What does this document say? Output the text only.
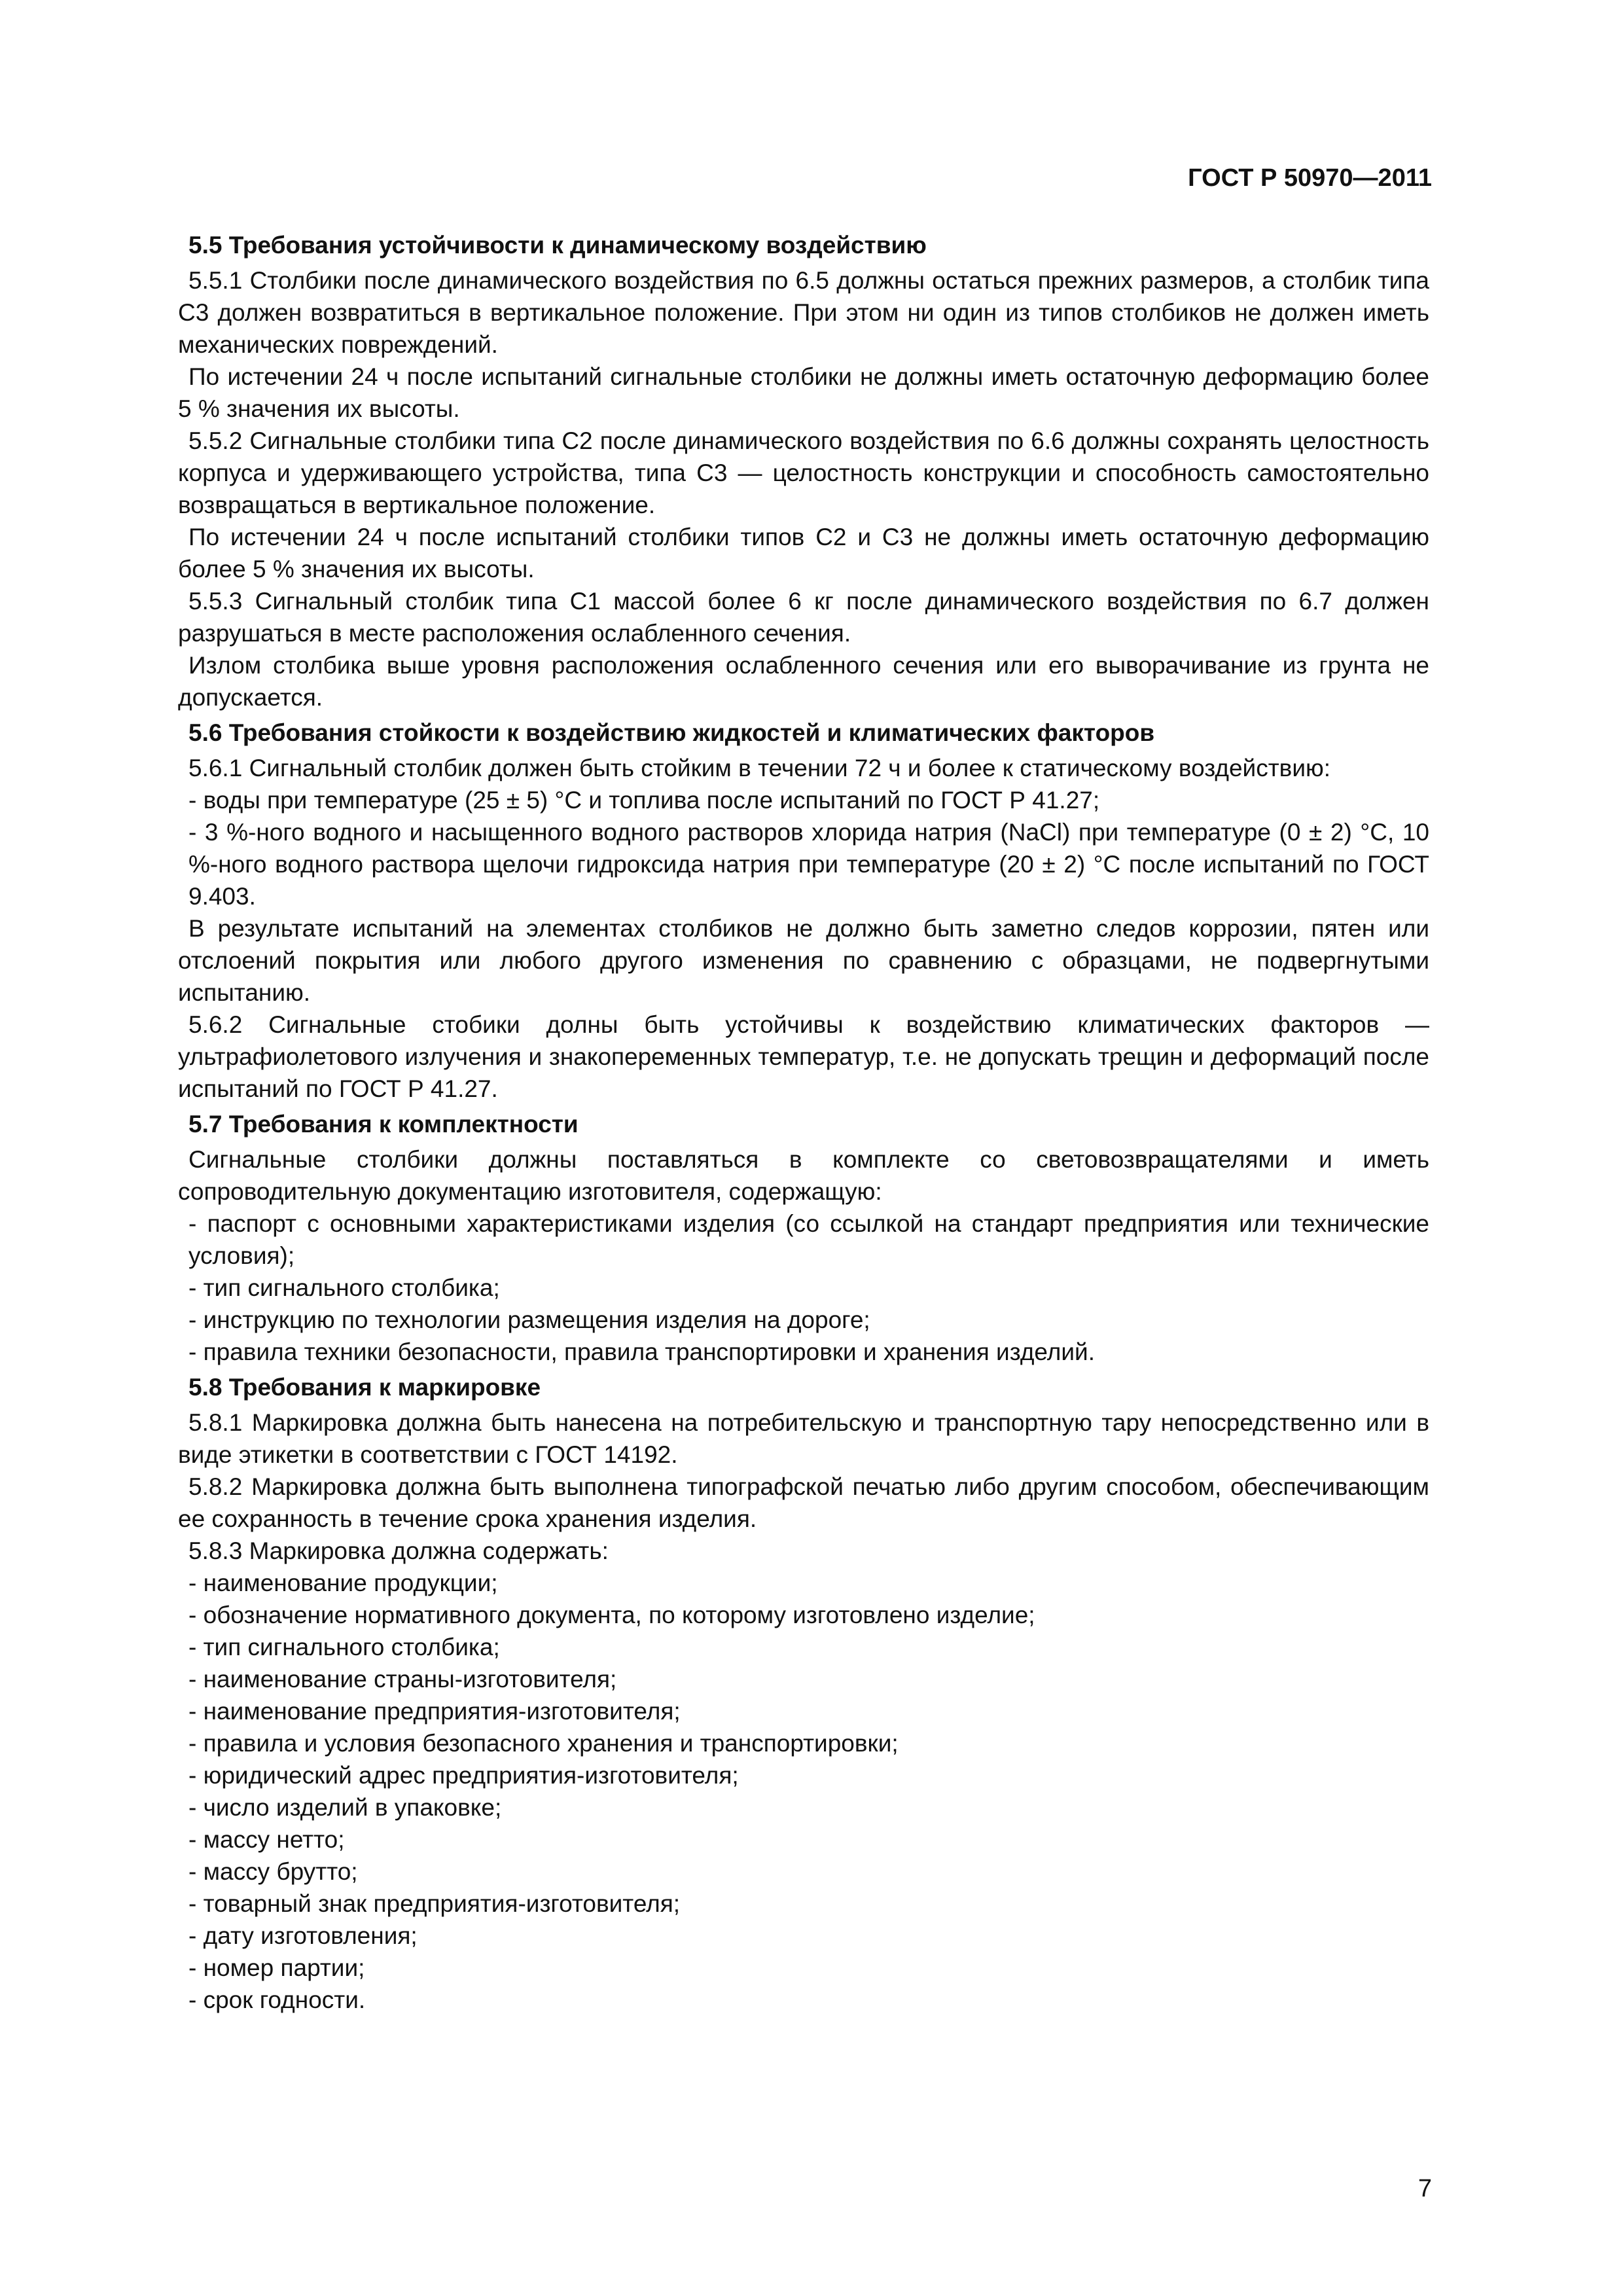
ГОСТ Р 50970—2011

5.5 Требования устойчивости к динамическому воздействию

5.5.1 Столбики после динамического воздействия по 6.5 должны остаться прежних размеров, а столбик типа С3 должен возвратиться в вертикальное положение. При этом ни один из типов столбиков не должен иметь механических повреждений.

По истечении 24 ч после испытаний сигнальные столбики не должны иметь остаточную деформацию более 5 % значения их высоты.

5.5.2 Сигнальные столбики типа С2 после динамического воздействия по 6.6 должны сохранять целостность корпуса и удерживающего устройства, типа С3 — целостность конструкции и способность самостоятельно возвращаться в вертикальное положение.

По истечении 24 ч после испытаний столбики типов С2 и С3 не должны иметь остаточную деформацию более 5 % значения их высоты.

5.5.3 Сигнальный столбик типа С1 массой более 6 кг после динамического воздействия по 6.7 должен разрушаться в месте расположения ослабленного сечения.

Излом столбика выше уровня расположения ослабленного сечения или его выворачивание из грунта не допускается.

5.6 Требования стойкости к воздействию жидкостей и климатических факторов

5.6.1 Сигнальный столбик должен быть стойким в течении 72 ч и более к статическому воздействию:

- воды при температуре (25 ± 5) °С и топлива после испытаний по ГОСТ Р 41.27;

- 3 %-ного водного и насыщенного водного растворов хлорида натрия (NaCl) при температуре (0 ± 2) °С, 10 %-ного водного раствора щелочи гидроксида натрия при температуре (20 ± 2) °С после испытаний по ГОСТ 9.403.

В результате испытаний на элементах столбиков не должно быть заметно следов коррозии, пятен или отслоений покрытия или любого другого изменения по сравнению с образцами, не подвергнутыми испытанию.

5.6.2 Сигнальные стобики долны быть устойчивы к воздействию климатических факторов — ультрафиолетового излучения и знакопеременных температур, т.е. не допускать трещин и деформаций после испытаний по ГОСТ Р 41.27.

5.7 Требования к комплектности

Сигнальные столбики должны поставляться в комплекте со световозвращателями и иметь сопроводительную документацию изготовителя, содержащую:

- паспорт с основными характеристиками изделия (со ссылкой на стандарт предприятия или технические условия);

- тип сигнального столбика;

- инструкцию по технологии размещения изделия на дороге;

- правила техники безопасности, правила транспортировки и хранения изделий.

5.8 Требования к маркировке

5.8.1 Маркировка должна быть нанесена на потребительскую и транспортную тару непосредственно или в виде этикетки в соответствии с ГОСТ 14192.

5.8.2 Маркировка должна быть выполнена типографской печатью либо другим способом, обеспечивающим ее сохранность в течение срока хранения изделия.

5.8.3 Маркировка должна содержать:

- наименование продукции;

- обозначение нормативного документа, по которому изготовлено изделие;

- тип сигнального столбика;

- наименование страны-изготовителя;

- наименование предприятия-изготовителя;

- правила и условия безопасного хранения и транспортировки;

- юридический адрес предприятия-изготовителя;

- число изделий в упаковке;

- массу нетто;

- массу брутто;

- товарный знак предприятия-изготовителя;

- дату изготовления;

- номер партии;

- срок годности.

7
